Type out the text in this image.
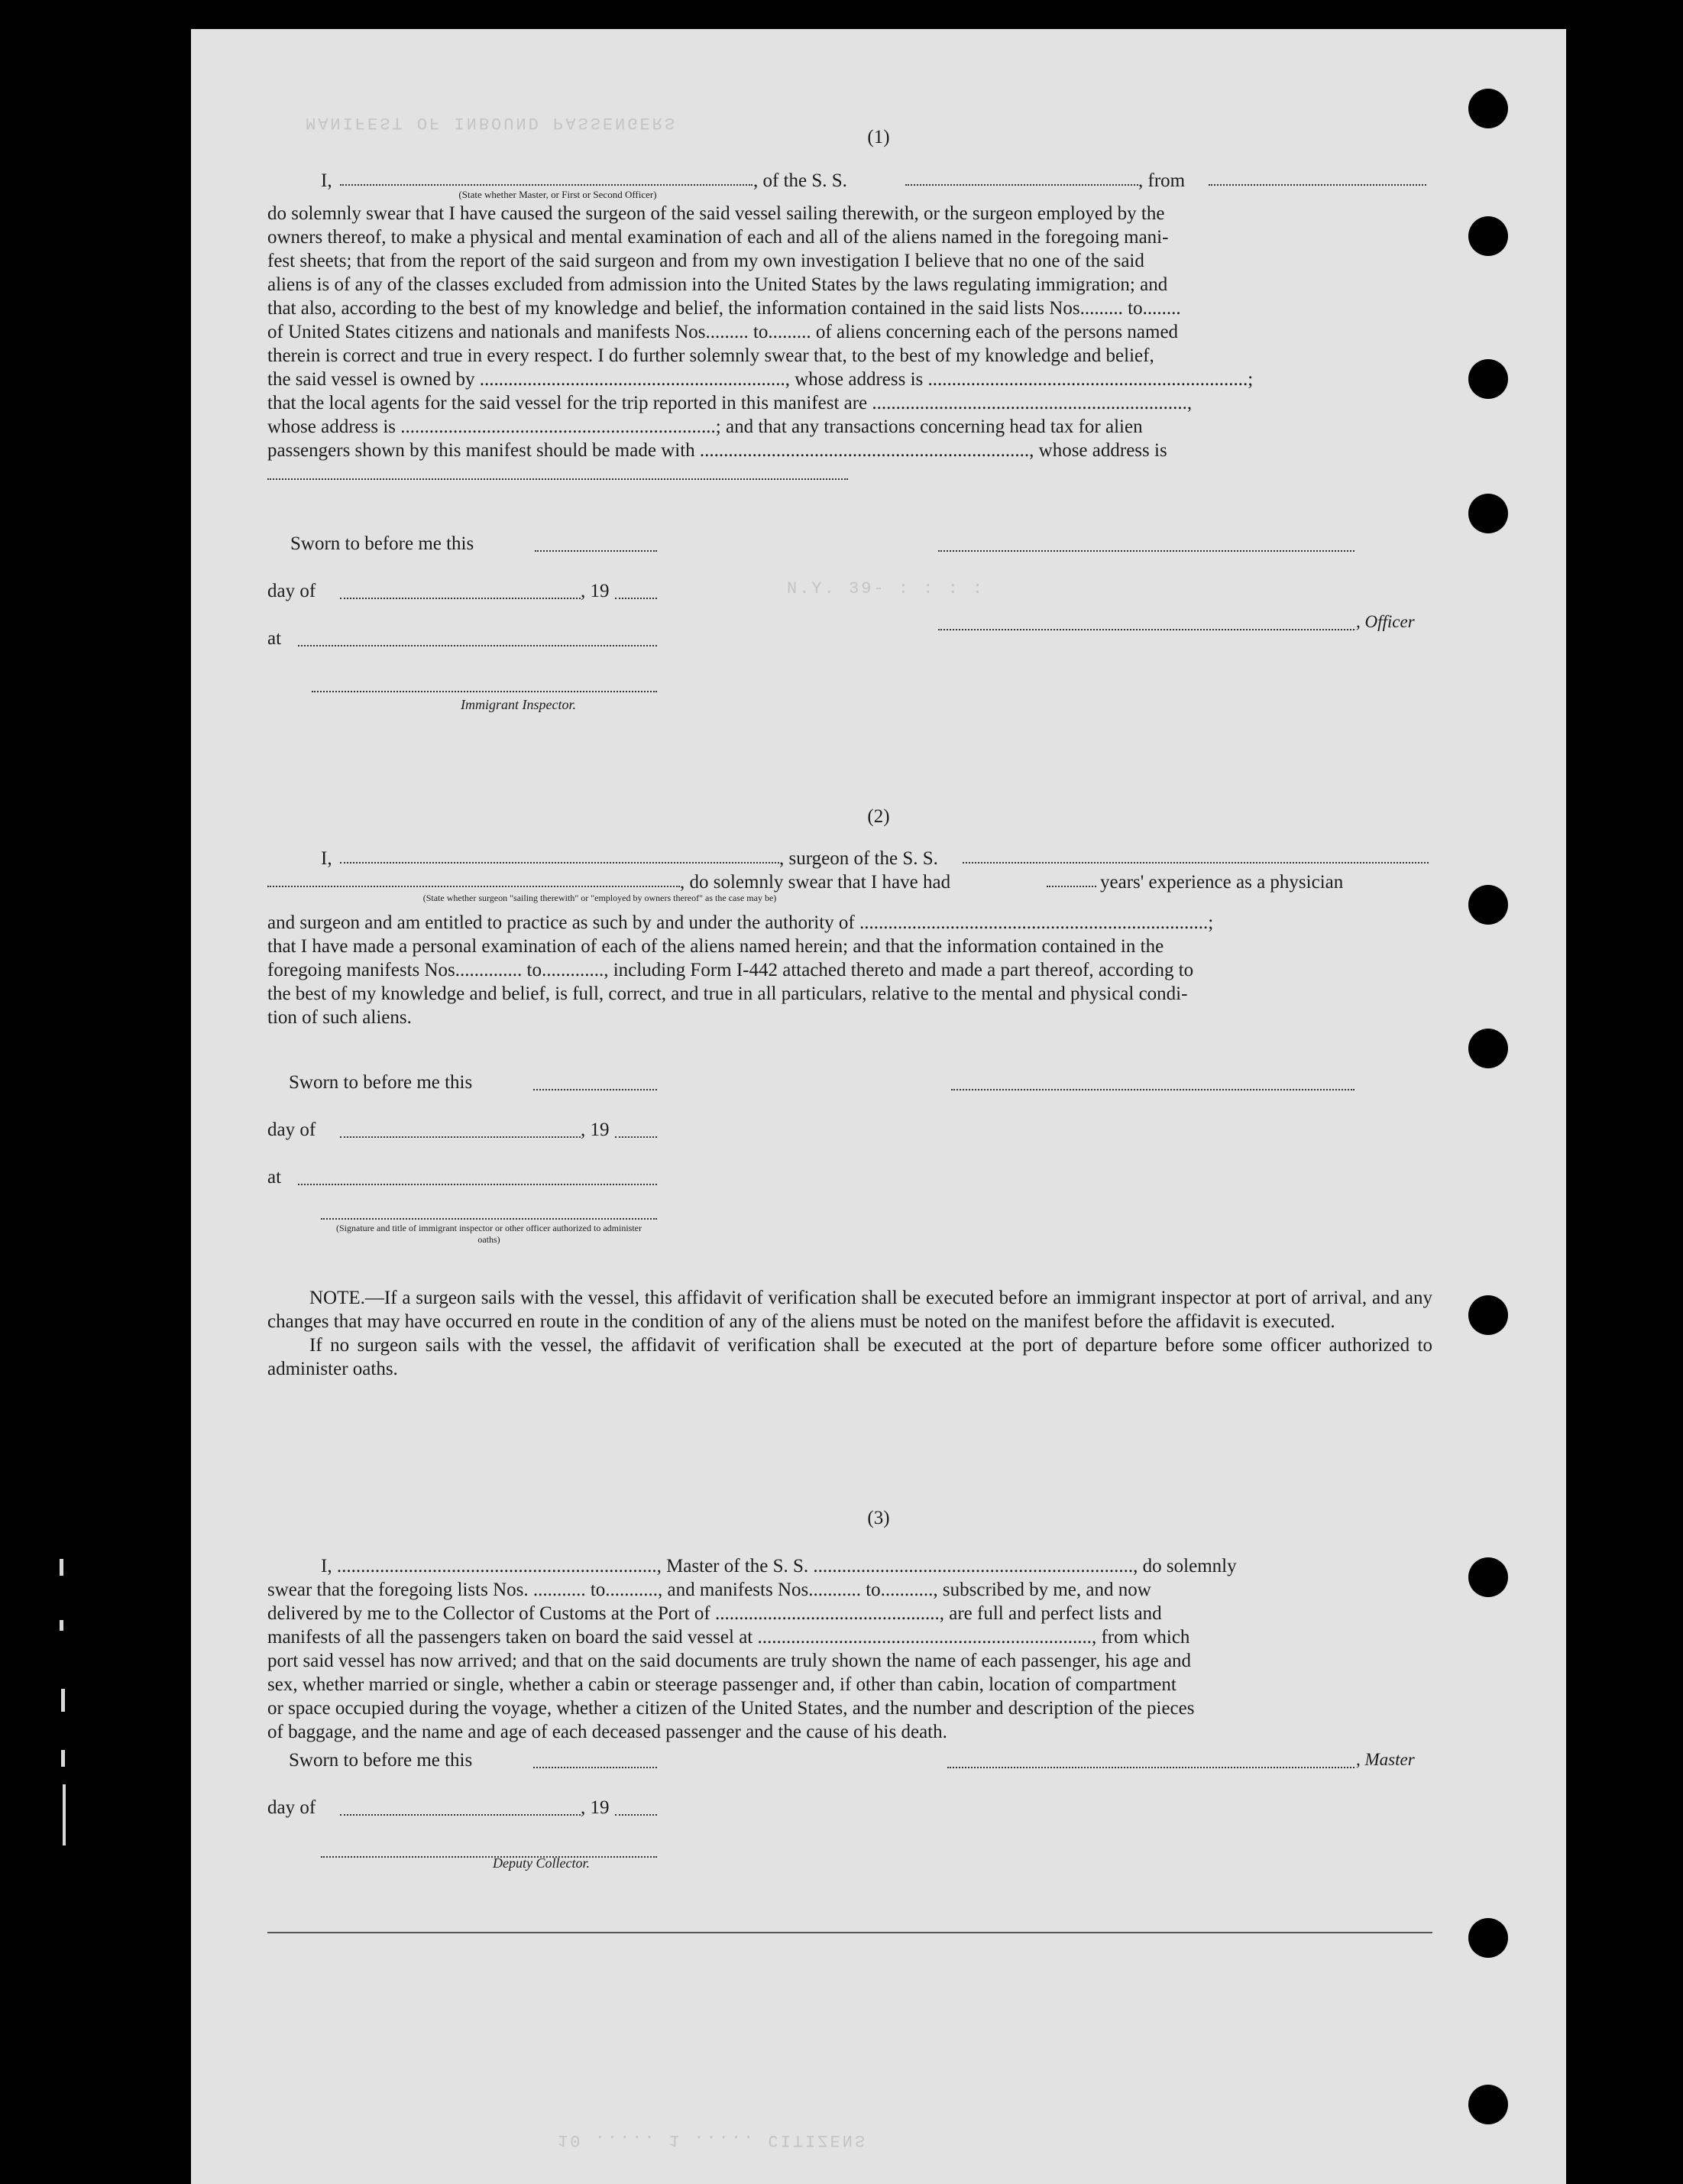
MANIFEST OF INBOUND PASSENGERS
N.Y. 39- : : : :
10 ..... 1 ..... CITIZENS
(1)
I,	, of the S. S.	, from
(State whether Master, or First or Second Officer)
do solemnly swear that I have caused the surgeon of the said vessel sailing therewith, or the surgeon employed by the
owners thereof, to make a physical and mental examination of each and all of the aliens named in the foregoing mani-
fest sheets; that from the report of the said surgeon and from my own investigation I believe that no one of the said
aliens is of any of the classes excluded from admission into the United States by the laws regulating immigration; and
that also, according to the best of my knowledge and belief, the information contained in the said lists Nos......... to........
of United States citizens and nationals and manifests Nos......... to......... of aliens concerning each of the persons named
therein is correct and true in every respect. I do further solemnly swear that, to the best of my knowledge and belief,
the said vessel is owned by ................................................................, whose address is ...................................................................;
that the local agents for the said vessel for the trip reported in this manifest are ..................................................................,
whose address is ..................................................................; and that any transactions concerning head tax for alien
passengers shown by this manifest should be made with ....................................................................., whose address is
Sworn to before me this
day of	, 19
, Officer
at
Immigrant Inspector.
(2)
I,	, surgeon of the S. S.
, do solemnly swear that I have had	years' experience as a physician
(State whether surgeon "sailing therewith" or "employed by owners thereof" as the case may be)
and surgeon and am entitled to practice as such by and under the authority of .........................................................................;
that I have made a personal examination of each of the aliens named herein; and that the information contained in the
foregoing manifests Nos.............. to............., including Form I-442 attached thereto and made a part thereof, according to
the best of my knowledge and belief, is full, correct, and true in all particulars, relative to the mental and physical condi-
tion of such aliens.
Sworn to before me this
day of	, 19
at
(Signature and title of immigrant inspector or other officer authorized to administer oaths)
NOTE.—If a surgeon sails with the vessel, this affidavit of verification shall be executed before an immigrant inspector at port of arrival, and any changes that may have occurred en route in the condition of any of the aliens must be noted on the manifest before the affidavit is executed.
If no surgeon sails with the vessel, the affidavit of verification shall be executed at the port of departure before some officer authorized to administer oaths.
(3)
I, ..................................................................., Master of the S. S. ..................................................................., do solemnly
swear that the foregoing lists Nos. ........... to..........., and manifests Nos........... to..........., subscribed by me, and now
delivered by me to the Collector of Customs at the Port of ..............................................., are full and perfect lists and
manifests of all the passengers taken on board the said vessel at ......................................................................, from which
port said vessel has now arrived; and that on the said documents are truly shown the name of each passenger, his age and
sex, whether married or single, whether a cabin or steerage passenger and, if other than cabin, location of compartment
or space occupied during the voyage, whether a citizen of the United States, and the number and description of the pieces
of baggage, and the name and age of each deceased passenger and the cause of his death.
Sworn to before me this	, Master
day of	, 19
Deputy Collector.
